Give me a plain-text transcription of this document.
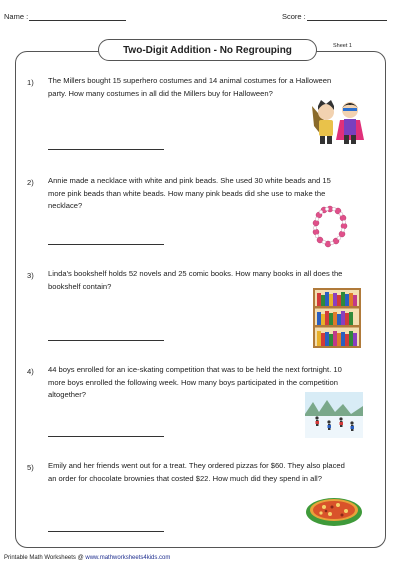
Name :	Score :
Two-Digit Addition - No Regrouping	Sheet 1
1) The Millers bought 15 superhero costumes and 14 animal costumes for a Halloween party. How many costumes in all did the Millers buy for Halloween?
2) Annie made a necklace with white and pink beads. She used 30 white beads and 15 more pink beads than white beads. How many pink beads did she use to make the necklace?
3) Linda's bookshelf holds 52 novels and 25 comic books. How many books in all does the bookshelf contain?
4) 44 boys enrolled for an ice-skating competition that was to be held the next fortnight. 10 more boys enrolled the following week. How many boys participated in the competition altogether?
5) Emily and her friends went out for a treat. They ordered pizzas for $60. They also placed an order for chocolate brownies that costed $22. How much did they spend in all?
Printable Math Worksheets @ www.mathworksheets4kids.com
